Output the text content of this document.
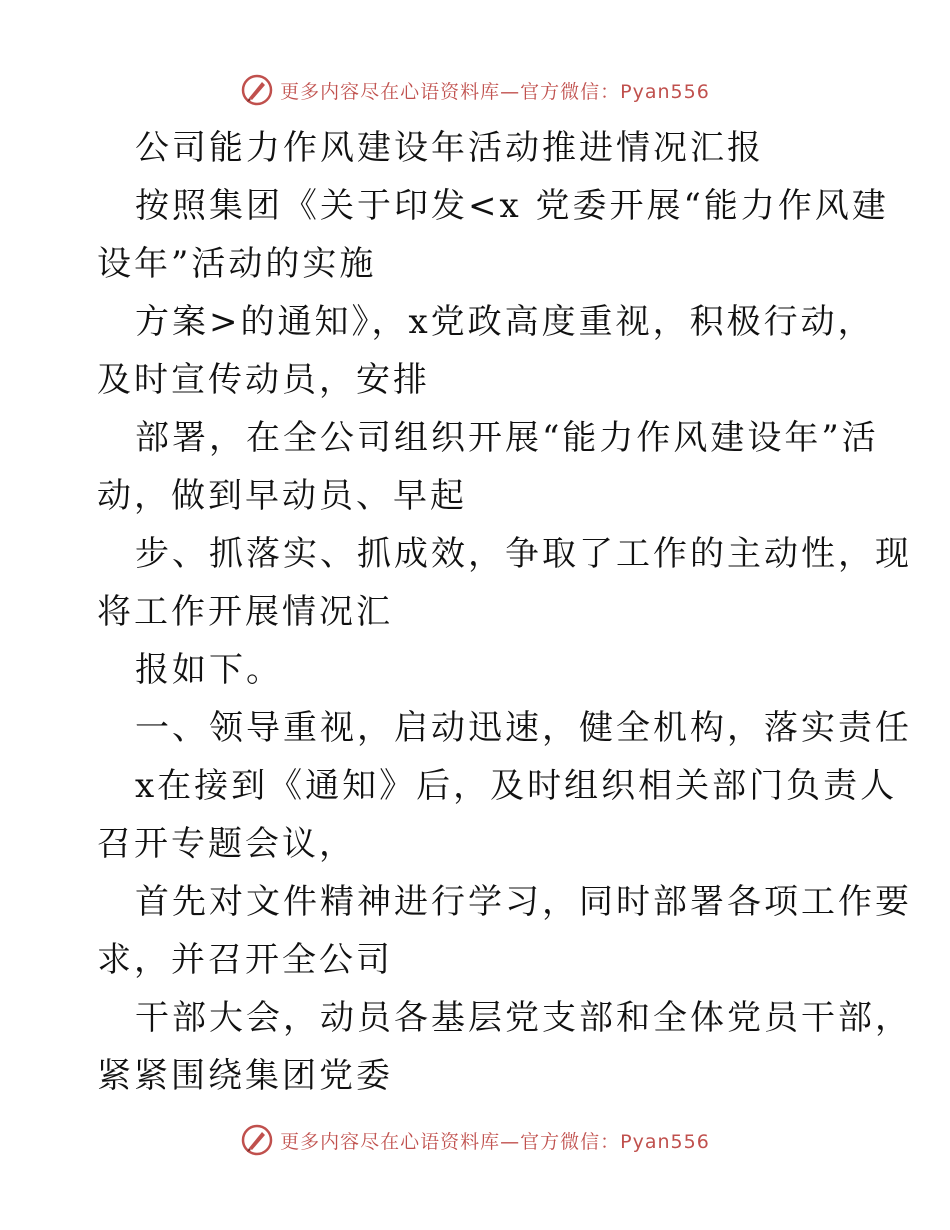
更多内容尽在心语资料库—官方微信：Pyan556
公司能力作风建设年活动推进情况汇报
按照集团《关于印发<x 党委开展“能力作风建
设年”活动的实施
方案>的通知》，x党政高度重视，积极行动，
及时宣传动员，安排
部署，在全公司组织开展“能力作风建设年”活
动，做到早动员、早起
步、抓落实、抓成效，争取了工作的主动性，现
将工作开展情况汇
报如下。
一、领导重视，启动迅速，健全机构，落实责任
x在接到《通知》后，及时组织相关部门负责人
召开专题会议，
首先对文件精神进行学习，同时部署各项工作要
求，并召开全公司
干部大会，动员各基层党支部和全体党员干部，
紧紧围绕集团党委
更多内容尽在心语资料库—官方微信：Pyan556
